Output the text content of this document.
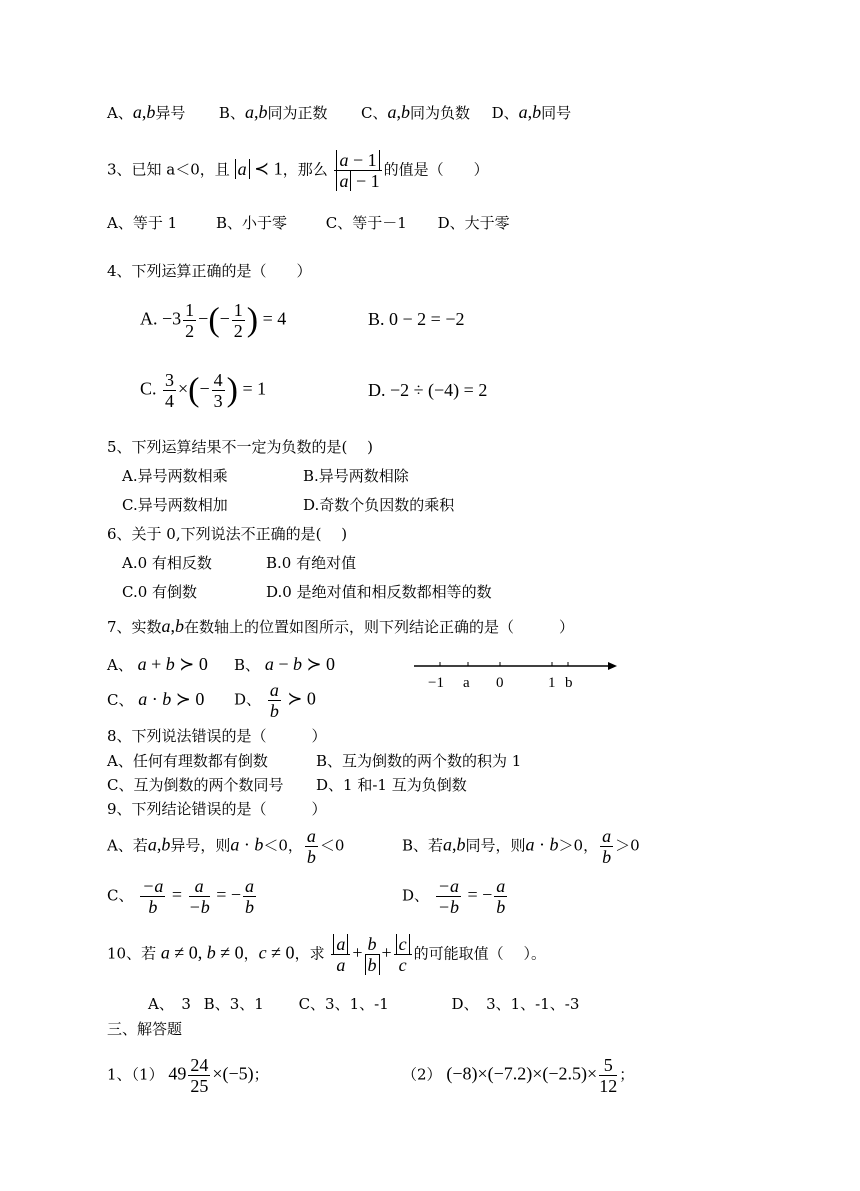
A、a,b异号 B、a,b同为正数 C、a,b同为负数 D、a,b同号
3、已知 a＜0，且 a ≺ 1，那么 $\frac{a - 1}{a - 1}$ 的值是（　　）
A、等于 1	B、小于零	C、等于－1 D、大于零
4、下列运算正确的是（　　）
A. $-3 \frac{1}{2}$ −(− $\frac{1}{2}$ ) = 4	B. 0 − 2 = −2
C. $\frac{3}{4}$ ×(− $\frac{4}{3}$ ) = 1	D. −2 ÷ (−4) = 2
5、下列运算结果不一定为负数的是(　 )
A.异号两数相乘	B.异号两数相除
C.异号两数相加	D.奇数个负因数的乘积
6、关于 0,下列说法不正确的是(　 )
A.0 有相反数	B.0 有绝对值
C.0 有倒数	D.0 是绝对值和相反数都相等的数
7、实数a,b在数轴上的位置如图所示，则下列结论正确的是（　　　）
A、 a + b ≻ 0 B、 a − b ≻ 0
C、 a · b ≻ 0 D、 $\frac{a}{b}$ ≻ 0
−1 a 0	1 b
8、下列说法错误的是（　　　）
A、任何有理数都有倒数	B、互为倒数的两个数的积为 1
C、互为倒数的两个数同号 D、1 和-1 互为负倒数
9、下列结论错误的是（　　　）
A、若a,b异号，则a · b＜0， $\frac{a}{b} <0$	B、若a,b同号，则a · b＞0， $\frac{a}{b} >0$
C、 $\frac{-a}{b} = \frac{a}{-b}$ = − $\frac{a}{b}$	D、 $\frac{-a}{-b}$ = − $\frac{a}{b}$
10、若 a ≠ 0, b ≠ 0，c ≠ 0，求 $\frac{a}{a} + \frac{b}{b} + \frac{c}{c}$ 的可能取值（　 ）。
A、　3 B、3、1 C、3、1、-1	D、　3、1、-1、-3
三、解答题
1、（1） $49 \frac{24}{25} \times(-5)$；	（2） $(-8)\times(-7.2)\times(-2.5)\times \frac{5}{12}$ ；
